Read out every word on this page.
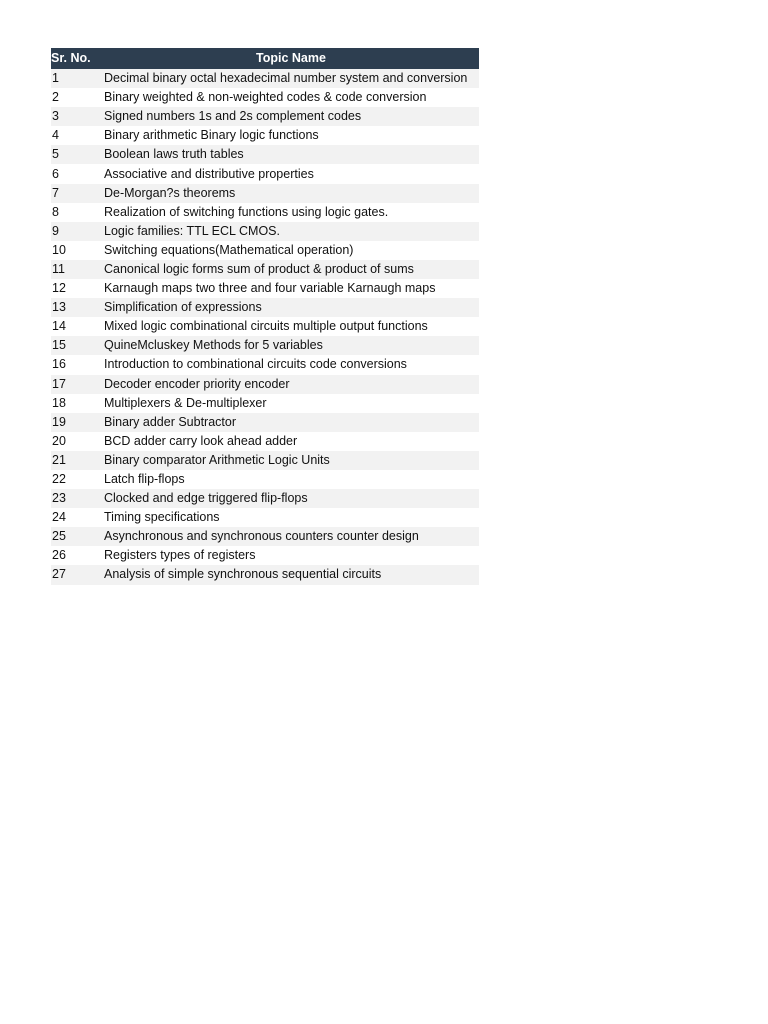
Sr. No.	Topic Name
1	Decimal binary octal hexadecimal number system and conversion
2	Binary weighted & non-weighted codes & code conversion
3	Signed numbers 1s and 2s complement codes
4	Binary arithmetic Binary logic functions
5	Boolean laws truth tables
6	Associative and distributive properties
7	De-Morgan?s theorems
8	Realization of switching functions using logic gates.
9	Logic families: TTL ECL CMOS.
10	Switching equations(Mathematical operation)
11	Canonical logic forms sum of product & product of sums
12	Karnaugh maps two three and four variable Karnaugh maps
13	Simplification of expressions
14	Mixed logic combinational circuits multiple output functions
15	QuineMcluskey Methods for 5 variables
16	Introduction to combinational circuits code conversions
17	Decoder encoder priority encoder
18	Multiplexers & De-multiplexer
19	Binary adder Subtractor
20	BCD adder carry look ahead adder
21	Binary comparator Arithmetic Logic Units
22	Latch flip-flops
23	Clocked and edge triggered flip-flops
24	Timing specifications
25	Asynchronous and synchronous counters counter design
26	Registers types of registers
27	Analysis of simple synchronous sequential circuits
